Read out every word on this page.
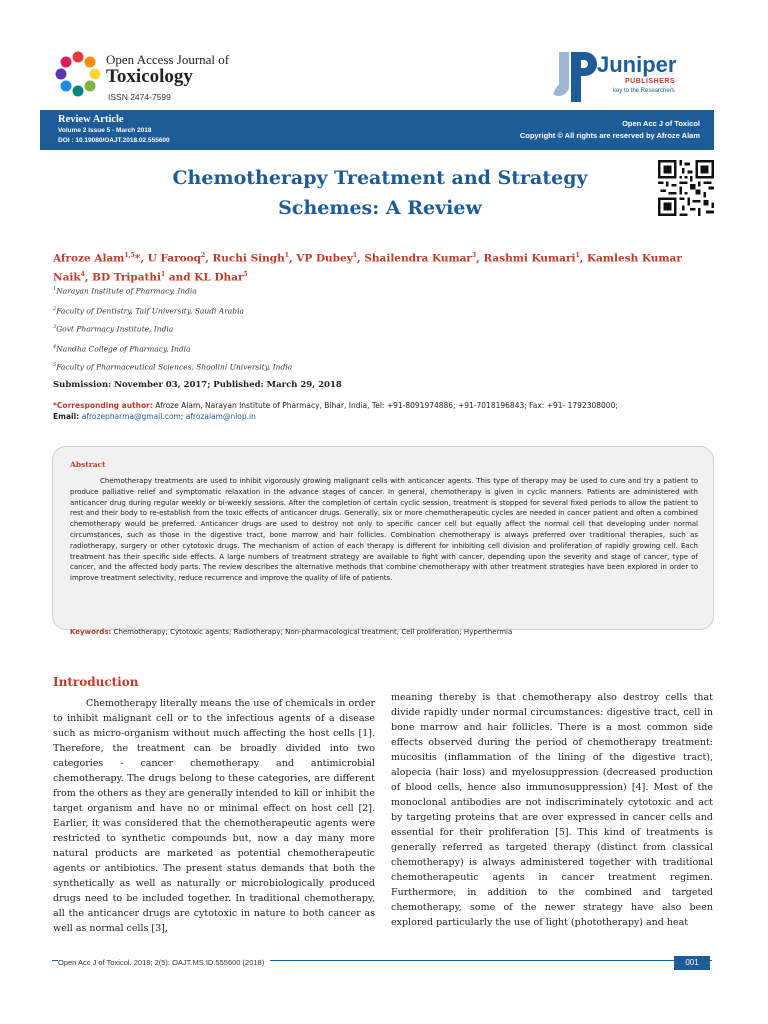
Open Access Journal of
Toxicology
ISSN 2474-7599
Juniper
PUBLISHERS
key to the Researchers
Review Article
Volume 2 Issue 5 - March 2018
DOI : 10.19080/OAJT.2018.02.555600
Open Acc J of Toxicol
Copyright © All rights are reserved by Afroze Alam
Chemotherapy Treatment and Strategy Schemes: A Review
Afroze Alam$^{1,5}$*, U Farooq$^2$, Ruchi Singh$^1$, VP Dubey$^1$, Shailendra Kumar$^3$, Rashmi Kumari$^1$, Kamlesh Kumar Naik$^4$, BD Tripathi$^1$ and KL Dhar$^5$
$^1$Narayan Institute of Pharmacy, India
$^2$Faculty of Dentistry, Taif University, Saudi Arabia
$^3$Govt Pharmacy Institute, India
$^4$Nandha College of Pharmacy, India
$^5$Faculty of Pharmaceutical Sciences, Shoolini University, India
Submission: November 03, 2017; Published: March 29, 2018
*Corresponding author: Afroze Alam, Narayan Institute of Pharmacy, Bihar, India, Tel: +91-8091974886; +91-7018196843; Fax: +91- 1792308000;
Email: afrozepharma@gmail.com; afrozalam@niop.in
Abstract
Chemotherapy treatments are used to inhibit vigorously growing malignant cells with anticancer agents. This type of therapy may be used to cure and try a patient to produce palliative relief and symptomatic relaxation in the advance stages of cancer. In general, chemotherapy is given in cyclic manners. Patients are administered with anticancer drug during regular weekly or bi-weekly sessions. After the completion of certain cyclic session, treatment is stopped for several fixed periods to allow the patient to rest and their body to re-establish from the toxic effects of anticancer drugs. Generally, six or more chemotherapeutic cycles are needed in cancer patient and often a combined chemotherapy would be preferred. Anticancer drugs are used to destroy not only to specific cancer cell but equally affect the normal cell that developing under normal circumstances, such as those in the digestive tract, bone marrow and hair follicles. Combination chemotherapy is always preferred over traditional therapies, such as radiotherapy, surgery or other cytotoxic drugs. The mechanism of action of each therapy is different for inhibiting cell division and proliferation of rapidly growing cell. Each treatment has their specific side effects. A large numbers of treatment strategy are available to fight with cancer, depending upon the severity and stage of cancer, type of cancer, and the affected body parts. The review describes the alternative methods that combine chemotherapy with other treatment strategies have been explored in order to improve treatment selectivity, reduce recurrence and improve the quality of life of patients.
Keywords: Chemotherapy; Cytotoxic agents; Radiotherapy; Non-pharmacological treatment; Cell proliferation; Hyperthermia
Introduction
Chemotherapy literally means the use of chemicals in order to inhibit malignant cell or to the infectious agents of a disease such as micro-organism without much affecting the host cells [1]. Therefore, the treatment can be broadly divided into two categories - cancer chemotherapy and antimicrobial chemotherapy. The drugs belong to these categories, are different from the others as they are generally intended to kill or inhibit the target organism and have no or minimal effect on host cell [2]. Earlier, it was considered that the chemotherapeutic agents were restricted to synthetic compounds but, now a day many more natural products are marketed as potential chemotherapeutic agents or antibiotics. The present status demands that both the synthetically as well as naturally or microbiologically produced drugs need to be included together. In traditional chemotherapy, all the anticancer drugs are cytotoxic in nature to both cancer as well as normal cells [3],
meaning thereby is that chemotherapy also destroy cells that divide rapidly under normal circumstances: digestive tract, cell in bone marrow and hair follicles. There is a most common side effects observed during the period of chemotherapy treatment: mucositis (inflammation of the lining of the digestive tract), alopecia (hair loss) and myelosuppression (decreased production of blood cells, hence also immunosuppression) [4]. Most of the monoclonal antibodies are not indiscriminately cytotoxic and act by targeting proteins that are over expressed in cancer cells and essential for their proliferation [5]. This kind of treatments is generally referred as targeted therapy (distinct from classical chemotherapy) is always administered together with traditional chemotherapeutic agents in cancer treatment regimen. Furthermore, in addition to the combined and targeted chemotherapy, some of the newer strategy have also been explored particularly the use of light (phototherapy) and heat
Open Acc J of Toxicol. 2018; 2(5): OAJT.MS.ID.555600 (2018)	001
